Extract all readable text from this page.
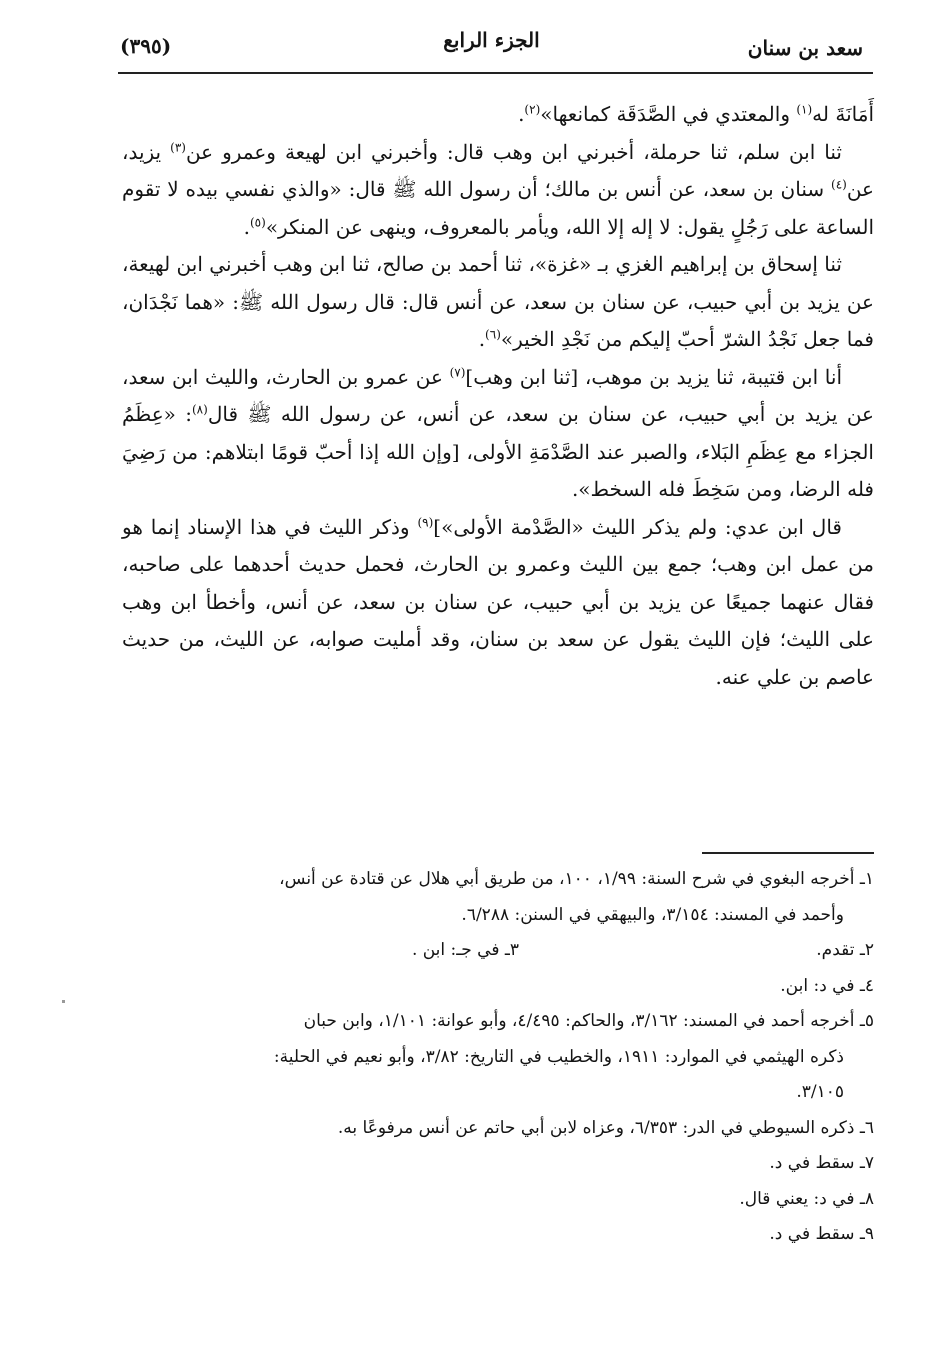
سعد بن سنان
الجزء الرابع
(٣٩٥)

أَمَانَةَ له$^{(١)}$ والمعتدي في الصَّدَقَة كمانعها»$^{(٢)}$.

ثنا ابن سلم، ثنا حرملة، أخبرني ابن وهب قال: وأخبرني ابن لهيعة وعمرو عن$^{(٣)}$ يزيد، عن$^{(٤)}$ سنان بن سعد، عن أنس بن مالك؛ أن رسول الله ﷺ قال: «والذي نفسي بيده لا تقوم الساعة على رَجُلٍ يقول: لا إله إلا الله، ويأمر بالمعروف، وينهى عن المنكر»$^{(٥)}$.

ثنا إسحاق بن إبراهيم الغزي بـ «غزة»، ثنا أحمد بن صالح، ثنا ابن وهب أخبرني ابن لهيعة، عن يزيد بن أبي حبيب، عن سنان بن سعد، عن أنس قال: قال رسول الله ﷺ: «هما نَجْدَان، فما جعل نَجْدُ الشرّ أحبّ إليكم من نَجْدِ الخير»$^{(٦)}$.

أنا ابن قتيبة، ثنا يزيد بن موهب، [ثنا ابن وهب]$^{(٧)}$ عن عمرو بن الحارث، والليث ابن سعد، عن يزيد بن أبي حبيب، عن سنان بن سعد، عن أنس، عن رسول الله ﷺ قال$^{(٨)}$: «عِظَمُ الجزاء مع عِظَمِ البَلاء، والصبر عند الصَّدْمَةِ الأولى، [وإن الله إذا أحبّ قومًا ابتلاهم: من رَضِيَ فله الرضا، ومن سَخِطَ فله السخط».

قال ابن عدي: ولم يذكر الليث «الصَّدْمة الأولى»]$^{(٩)}$ وذكر الليث في هذا الإسناد إنما هو من عمل ابن وهب؛ جمع بين الليث وعمرو بن الحارث، فحمل حديث أحدهما على صاحبه، فقال عنهما جميعًا عن يزيد بن أبي حبيب، عن سنان بن سعد، عن أنس، وأخطأ ابن وهب على الليث؛ فإن الليث يقول عن سعد بن سنان، وقد أمليت صوابه، عن الليث، من حديث عاصم بن علي عنه.

١ـ أخرجه البغوي في شرح السنة: ١/٩٩، ١٠٠، من طريق أبي هلال عن قتادة عن أنس،
وأحمد في المسند: ٣/١٥٤، والبيهقي في السنن: ٦/٢٨٨.
٢ـ تقدم.
٣ـ في جـ: ابن .
٤ـ في د: ابن.
٥ـ أخرجه أحمد في المسند: ٣/١٦٢، والحاكم: ٤/٤٩٥، وأبو عوانة: ١/١٠١، وابن حبان
ذكره الهيثمي في الموارد: ١٩١١، والخطيب في التاريخ: ٣/٨٢، وأبو نعيم في الحلية:
٣/١٠٥.
٦ـ ذكره السيوطي في الدر: ٦/٣٥٣، وعزاه لابن أبي حاتم عن أنس مرفوعًا به.
٧ـ سقط في د.
٨ـ في د: يعني قال.
٩ـ سقط في د.
